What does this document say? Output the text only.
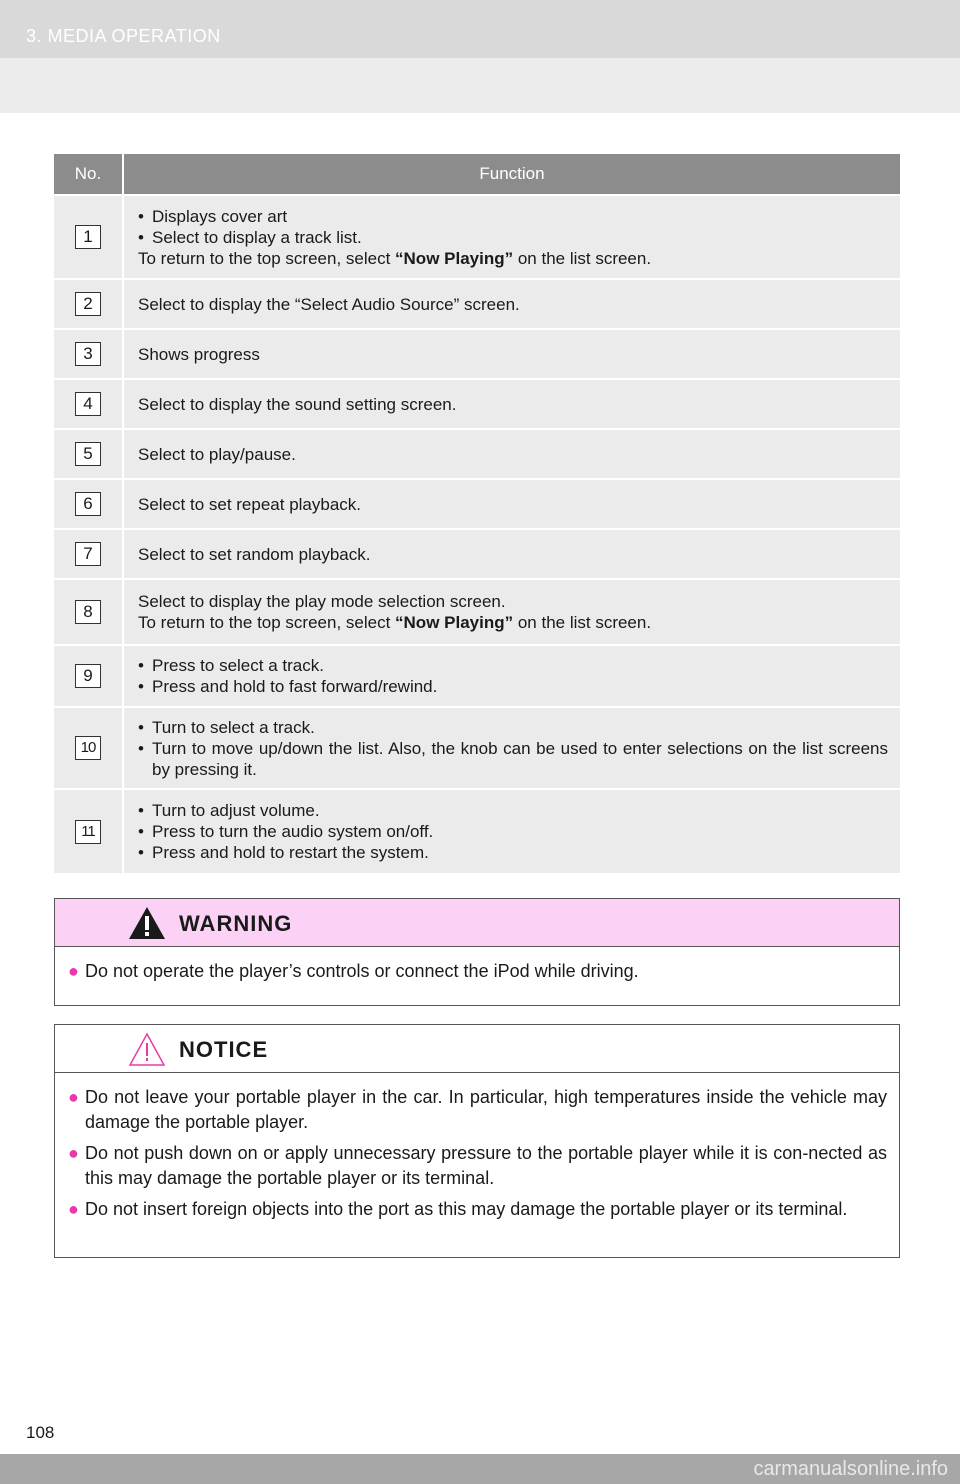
3. MEDIA OPERATION
No.	Function
1	• Displays cover art
• Select to display a track list.
To return to the top screen, select “Now Playing” on the list screen.

2	Select to display the “Select Audio Source” screen.

3	Shows progress

4	Select to display the sound setting screen.

5	Select to play/pause.

6	Select to set repeat playback.

7	Select to set random playback.

8	Select to display the play mode selection screen.
To return to the top screen, select “Now Playing” on the list screen.

9	• Press to select a track.
• Press and hold to fast forward/rewind.

10	• Turn to select a track.
• Turn to move up/down the list. Also, the knob can be used to enter selections on the list screens by pressing it.

11	• Turn to adjust volume.
• Press to turn the audio system on/off.
• Press and hold to restart the system.
WARNING
● Do not operate the player’s controls or connect the iPod while driving.
NOTICE
● Do not leave your portable player in the car. In particular, high temperatures inside the vehicle may damage the portable player.
● Do not push down on or apply unnecessary pressure to the portable player while it is con-nected as this may damage the portable player or its terminal.
● Do not insert foreign objects into the port as this may damage the portable player or its terminal.
108
carmanualsonline.info
